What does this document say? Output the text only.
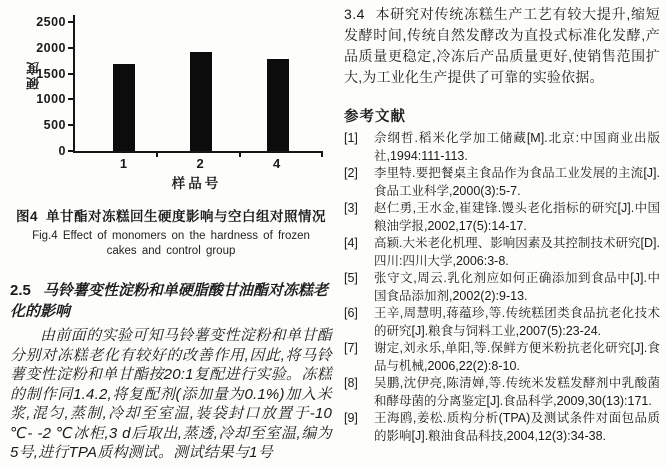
硬度
0
500
1000
1500
2000
2500
1	2	4
样品号
图4 单甘酯对冻糕回生硬度影响与空白组对照情况
Fig.4 Effect of monomers on the hardness of frozen
cakes and control group
2.5 马铃薯变性淀粉和单硬脂酸甘油酯对冻糕老化的影响

由前面的实验可知马铃薯变性淀粉和单甘酯分别对冻糕老化有较好的改善作用,因此,将马铃薯变性淀粉和单甘酯按20:1复配进行实验。冻糕的制作同1.4.2,将复配剂(添加量为0.1%)加入米浆,混匀,蒸制,冷却至室温,装袋封口放置于-10 ℃- -2 ℃冰柜,3 d后取出,蒸透,冷却至室温,编为5号,进行TPA质构测试。测试结果与1号

3.4 本研究对传统冻糕生产工艺有较大提升,缩短发酵时间,传统自然发酵改为直投式标准化发酵,产品质量更稳定,冷冻后产品质量更好,使销售范围扩大,为工业化生产提供了可靠的实验依据。

参考文献
[1]	佘纲哲.稻米化学加工储藏[M].北京:中国商业出版社,1994:111-113.
[2]	李里特.要把餐桌主食品作为食品工业发展的主流[J].食品工业科学,2000(3):5-7.
[3]	赵仁勇,王水金,崔建锋.馒头老化指标的研究[J].中国粮油学报,2002,17(5):14-17.
[4]	高颖.大米老化机理、影响因素及其控制技术研究[D].四川:四川大学,2006:3-8.
[5]	张守文,周云.乳化剂应如何正确添加到食品中[J].中国食品添加剂,2002(2):9-13.
[6]	王辛,周慧明,蒋蕴珍,等.传统糕团类食品抗老化技术的研究[J].粮食与饲料工业,2007(5):23-24.
[7]	谢定,刘永乐,单阳,等.保鲜方便米粉抗老化研究[J].食品与机械,2006,22(2):8-10.
[8]	吴鹏,沈伊亮,陈清婵,等.传统米发糕发酵剂中乳酸菌和酵母菌的分离鉴定[J].食品科学,2009,30(13):171.
[9]	王海鸥,姜松.质构分析(TPA)及测试条件对面包品质的影响[J].粮油食品科技,2004,12(3):34-38.
